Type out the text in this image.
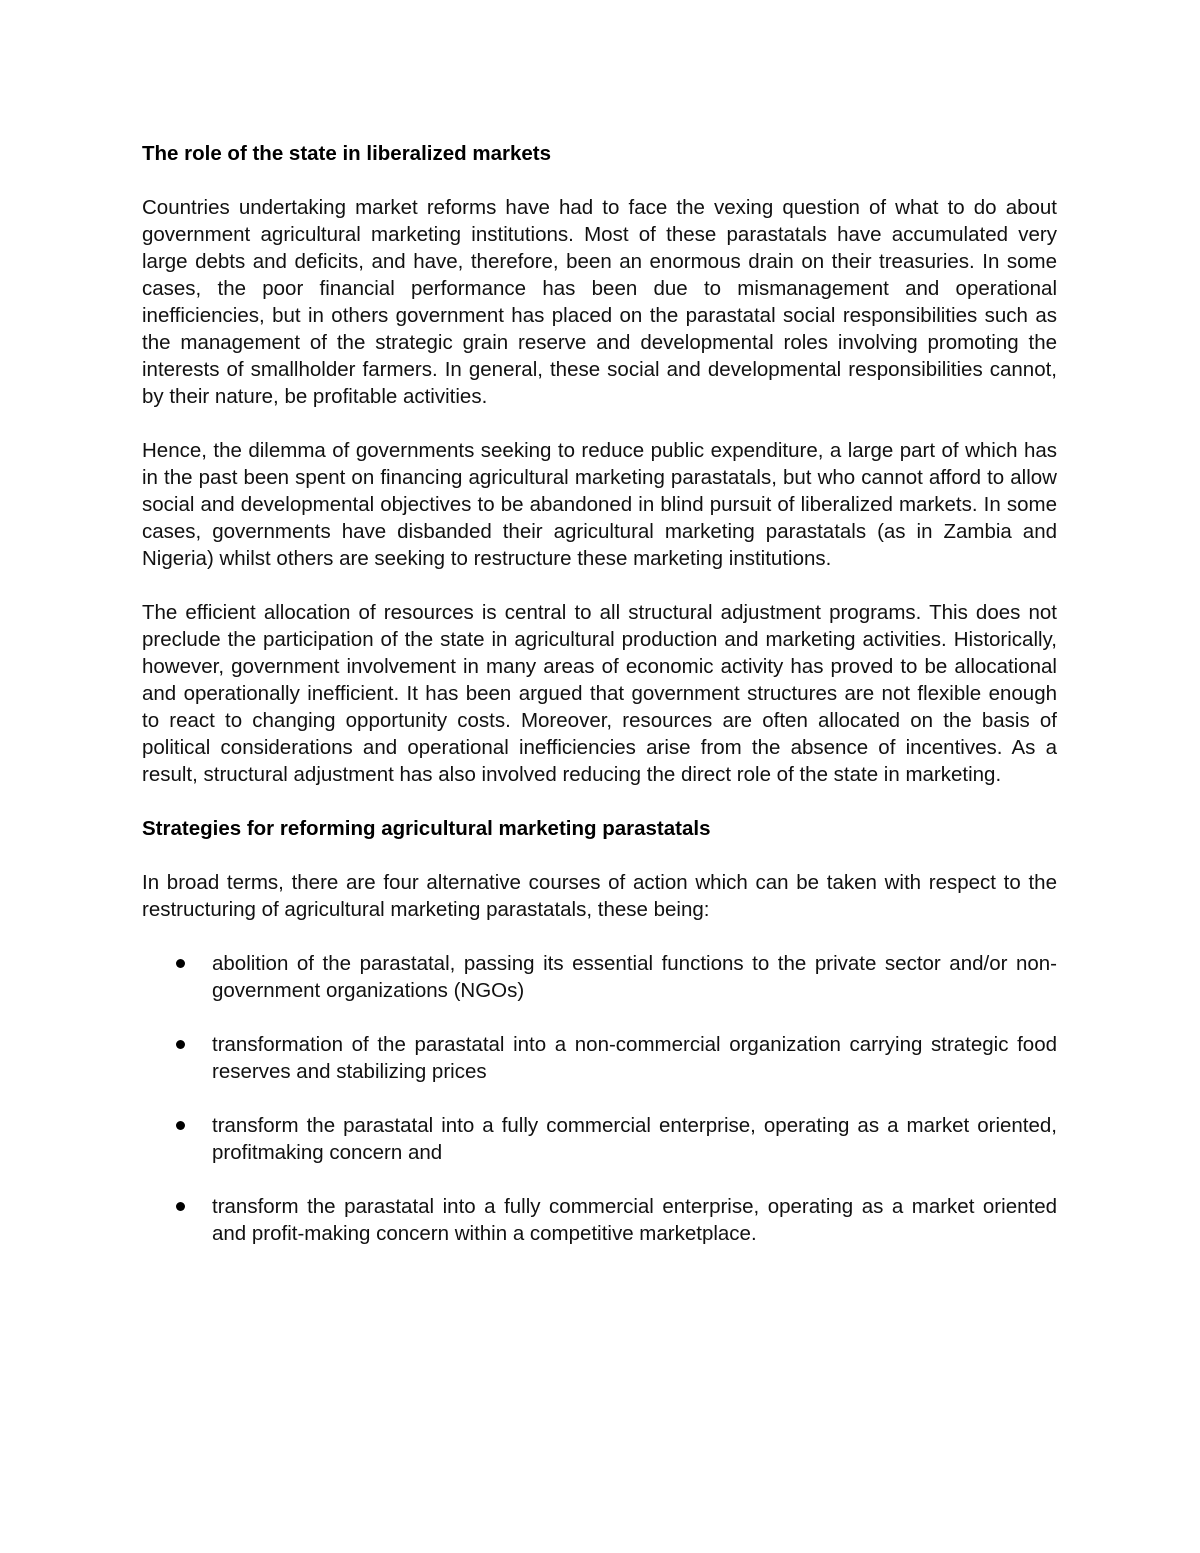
The role of the state in liberalized markets

Countries undertaking market reforms have had to face the vexing question of what to do about government agricultural marketing institutions. Most of these parastatals have accumulated very large debts and deficits, and have, therefore, been an enormous drain on their treasuries. In some cases, the poor financial performance has been due to mismanagement and operational inefficiencies, but in others government has placed on the parastatal social responsibilities such as the management of the strategic grain reserve and developmental roles involving promoting the interests of smallholder farmers. In general, these social and developmental responsibilities cannot, by their nature, be profitable activities.

Hence, the dilemma of governments seeking to reduce public expenditure, a large part of which has in the past been spent on financing agricultural marketing parastatals, but who cannot afford to allow social and developmental objectives to be abandoned in blind pursuit of liberalized markets. In some cases, governments have disbanded their agricultural marketing parastatals (as in Zambia and Nigeria) whilst others are seeking to restructure these marketing institutions.

The efficient allocation of resources is central to all structural adjustment programs. This does not preclude the participation of the state in agricultural production and marketing activities. Historically, however, government involvement in many areas of economic activity has proved to be allocational and operationally inefficient. It has been argued that government structures are not flexible enough to react to changing opportunity costs. Moreover, resources are often allocated on the basis of political considerations and operational inefficiencies arise from the absence of incentives. As a result, structural adjustment has also involved reducing the direct role of the state in marketing.

Strategies for reforming agricultural marketing parastatals

In broad terms, there are four alternative courses of action which can be taken with respect to the restructuring of agricultural marketing parastatals, these being:

abolition of the parastatal, passing its essential functions to the private sector and/or non-government organizations (NGOs)
transformation of the parastatal into a non-commercial organization carrying strategic food reserves and stabilizing prices
transform the parastatal into a fully commercial enterprise, operating as a market oriented, profitmaking concern and
transform the parastatal into a fully commercial enterprise, operating as a market oriented and profit-making concern within a competitive marketplace.
